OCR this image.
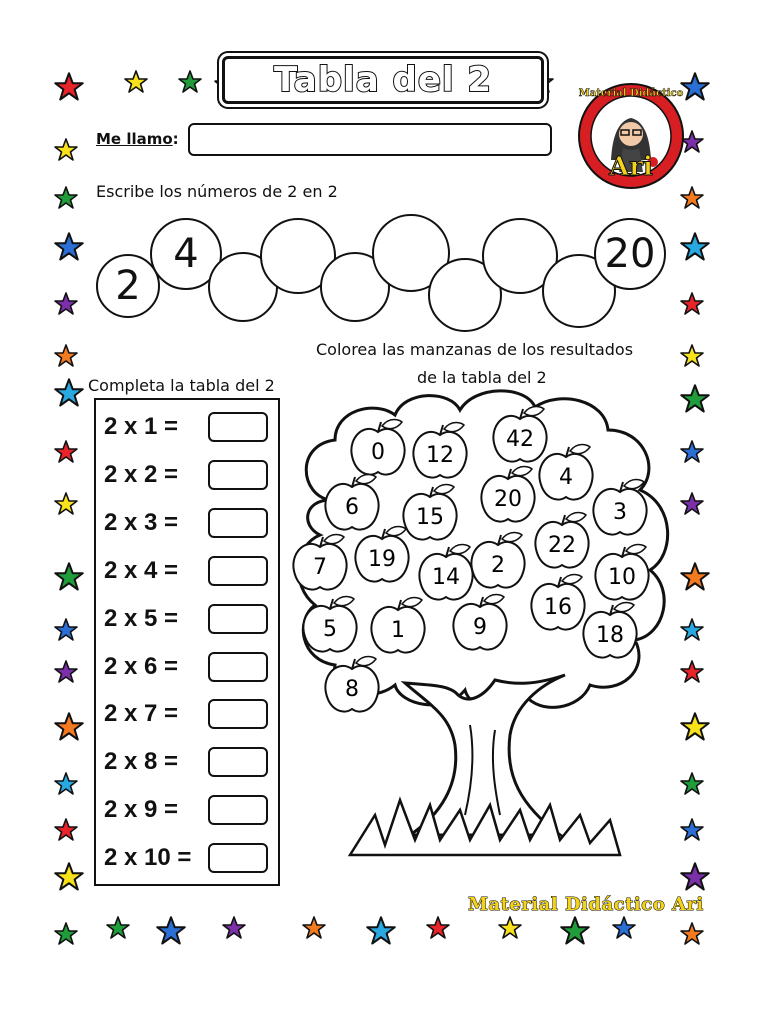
Tabla del 2	Material Didáctico
Ari
Me llamo:
Escribe los números de 2 en 2
2
4	20
Colorea las manzanas de los resultados
de la tabla del 2
Completa la tabla del 2
2 x 1 =
2 x 2 =
2 x 3 =
2 x 4 =
2 x 5 =
2 x 6 =
2 x 7 =
2 x 8 =
2 x 9 =
2 x 10 =
0 12
42
6	20
4
15	3
22
7 19
14 2	10
16
5 1	9	18
8
Material Didáctico Ari
